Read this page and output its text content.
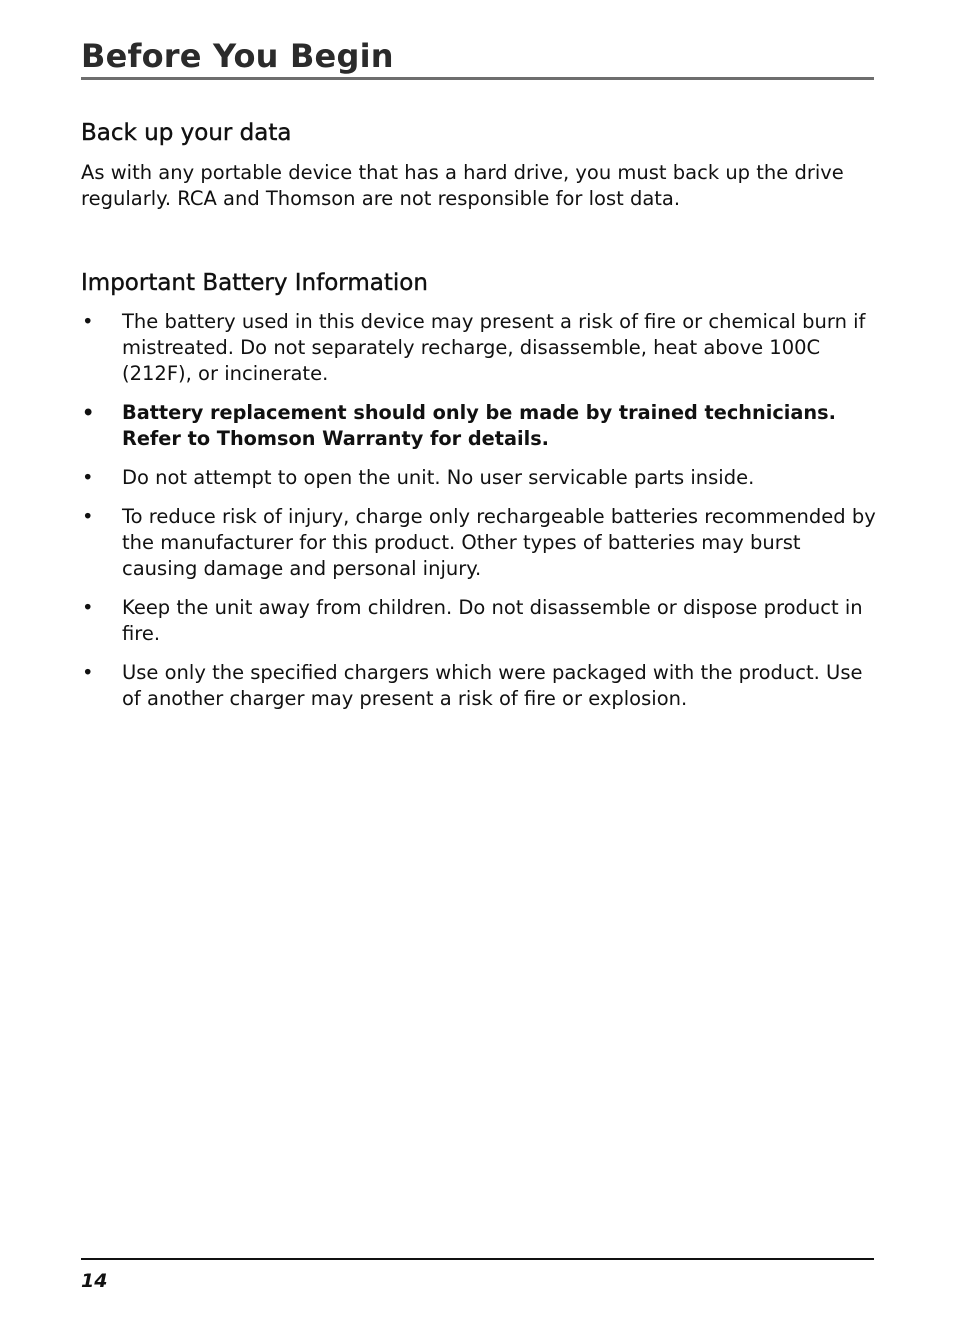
Before You Begin
Back up your data

As with any portable device that has a hard drive, you must back up the drive regularly. RCA and Thomson are not responsible for lost data.

Important Battery Information
•	The battery used in this device may present a risk of fire or chemical burn if mistreated. Do not separately recharge, disassemble, heat above 100C (212F), or incinerate.
•	Battery replacement should only be made by trained technicians. Refer to Thomson Warranty for details.
•	Do not attempt to open the unit. No user servicable parts inside.
•	To reduce risk of injury, charge only rechargeable batteries recommended by the manufacturer for this product. Other types of batteries may burst causing damage and personal injury.
•	Keep the unit away from children. Do not disassemble or dispose product in fire.
•	Use only the specified chargers which were packaged with the product. Use of another charger may present a risk of fire or explosion.

14
